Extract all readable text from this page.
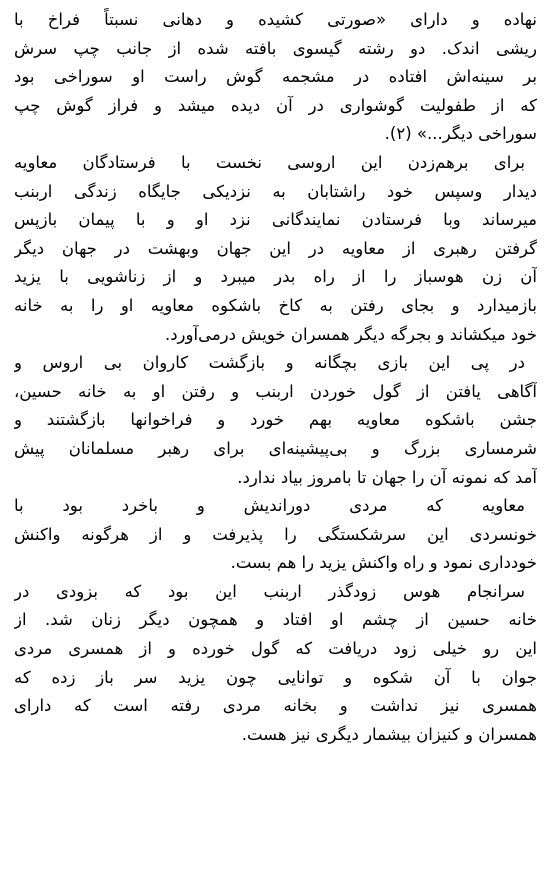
نهاده و دارای «صورتی کشیده و دهانی نسبتاً فراخ با
ریشی اندک. دو رشته گیسوی بافته شده از جانب چپ سرش
بر سینه‌اش افتاده در مشجمه گوش راست او سوراخی بود
که از طفولیت گوشواری در آن دیده میشد و فراز گوش چپ
سوراخی دیگر...» (۲).
برای برهم‌زدن این اروسی نخست با فرستادگان معاویه
دیدار وسپس خود راشتابان به نزدیکی جایگاه زندگی اربنب
میرساند وبا فرستادن نمایندگانی نزد او و با پیمان بازپس
گرفتن رهبری از معاویه در این جهان وبهشت در جهان دیگر
آن زن هوسباز را از راه بدر میبرد و از زناشویی با یزید
بازمیدارد و بجای رفتن به کاخ باشکوه معاویه او را به خانه
خود میکشاند و بجرگه دیگر همسران خویش درمی‌آورد.
در پی این بازی بچگانه و بازگشت کاروان بی اروس و
آگاهی یافتن از گول خوردن اربنب و رفتن او به خانه حسین،
جشن باشکوه معاویه بهم خورد و فراخوانها بازگشتند و
شرمساری بزرگ و بی‌پیشینه‌ای برای رهبر مسلمانان پیش
آمد که نمونه آن را جهان تا بامروز بیاد ندارد.
معاویه که مردی دوراندیش و باخرد بود با
خونسردی این سرشکستگی را پذیرفت و از هرگونه واکنش
خودداری نمود و راه واکنش یزید را هم بست.
سرانجام هوس زودگذر اربنب این بود که بزودی در
خانه حسین از چشم او افتاد و همچون دیگر زنان شد. از
این رو خیلی زود دریافت که گول خورده و از همسری مردی
جوان با آن شکوه و توانایی چون یزید سر باز زده که
همسری نیز نداشت و بخانه مردی رفته است که دارای
همسران و کنیزان بیشمار دیگری نیز هست.
